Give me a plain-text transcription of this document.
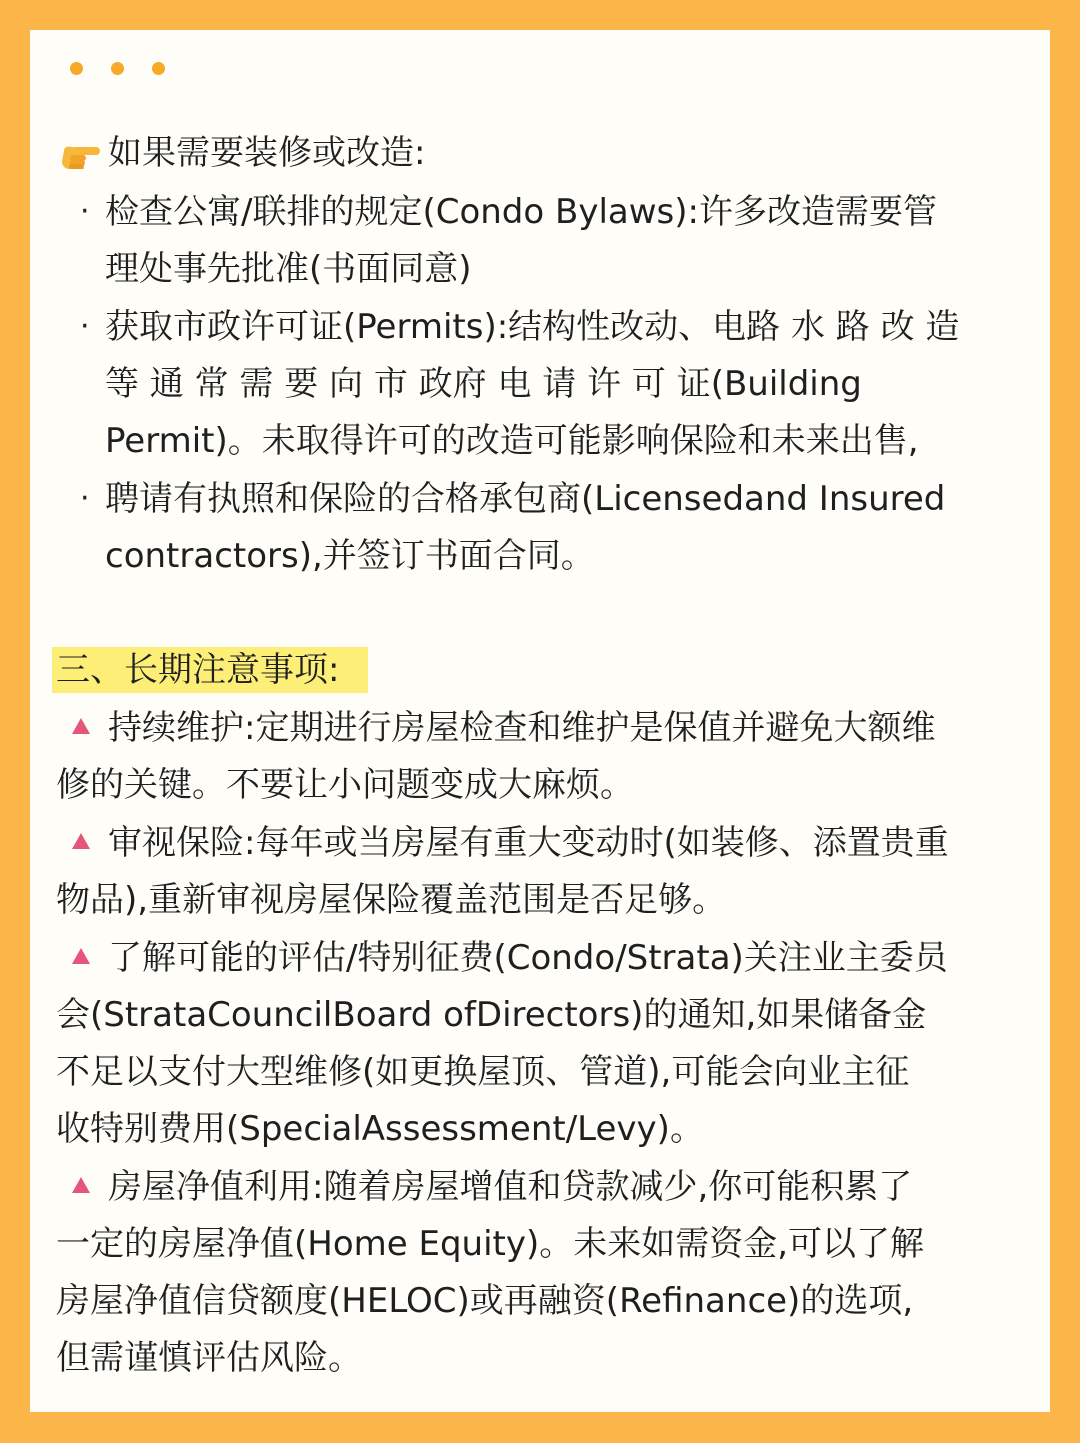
如果需要装修或改造:
· 检查公寓/联排的规定(Condo Bylaws):许多改造需要管
理处事先批准(书面同意)
· 获取市政许可证(Permits):结构性改动、电路 水 路 改 造
等 通 常 需 要 向 市 政府 电 请 许 可 证(Building
Permit)。未取得许可的改造可能影响保险和未来出售,
· 聘请有执照和保险的合格承包商(Licensedand Insured
contractors),并签订书面合同。
三、长期注意事项:
持续维护:定期进行房屋检查和维护是保值并避免大额维
修的关键。不要让小问题变成大麻烦。
审视保险:每年或当房屋有重大变动时(如装修、添置贵重
物品),重新审视房屋保险覆盖范围是否足够。
了解可能的评估/特别征费(Condo/Strata)关注业主委员
会(StrataCouncilBoard ofDirectors)的通知,如果储备金
不足以支付大型维修(如更换屋顶、管道),可能会向业主征
收特别费用(SpecialAssessment/Levy)。
房屋净值利用:随着房屋增值和贷款减少,你可能积累了
一定的房屋净值(Home Equity)。未来如需资金,可以了解
房屋净值信贷额度(HELOC)或再融资(Refinance)的选项,
但需谨慎评估风险。
